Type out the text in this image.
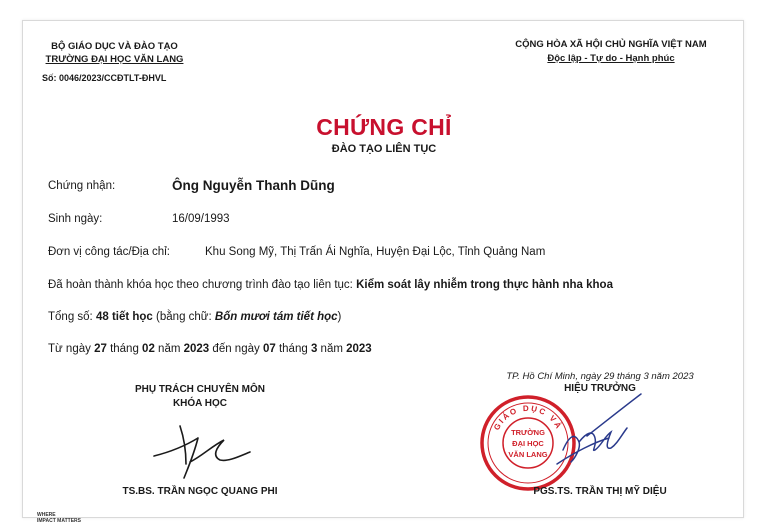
BỘ GIÁO DỤC VÀ ĐÀO TẠO
TRƯỜNG ĐẠI HỌC VĂN LANG
Số: 0046/2023/CCĐTLT-ĐHVL
CỘNG HÒA XÃ HỘI CHỦ NGHĨA VIỆT NAM
Độc lập - Tự do - Hạnh phúc
CHỨNG CHỈ
ĐÀO TẠO LIÊN TỤC
Chứng nhận:	Ông Nguyễn Thanh Dũng
Sinh ngày:	16/09/1993
Đơn vị công tác/Địa chỉ:	Khu Song Mỹ, Thị Trấn Ái Nghĩa, Huyện Đại Lộc, Tỉnh Quảng Nam
Đã hoàn thành khóa học theo chương trình đào tạo liên tục: Kiểm soát lây nhiễm trong thực hành nha khoa
Tổng số: 48 tiết học (bằng chữ: Bốn mươi tám tiết học)
Từ ngày 27 tháng 02 năm 2023 đến ngày 07 tháng 3 năm 2023
PHỤ TRÁCH CHUYÊN MÔN
KHÓA HỌC
TS.BS. TRẦN NGỌC QUANG PHI
TP. Hồ Chí Minh, ngày 29 tháng 3 năm 2023
HIỆU TRƯỞNG
GIÁO DỤC VÀ
TRƯỜNG
ĐẠI HỌC
VĂN LANG
PGS.TS. TRẦN THỊ MỸ DIỆU
WHERE
IMPACT MATTERS
